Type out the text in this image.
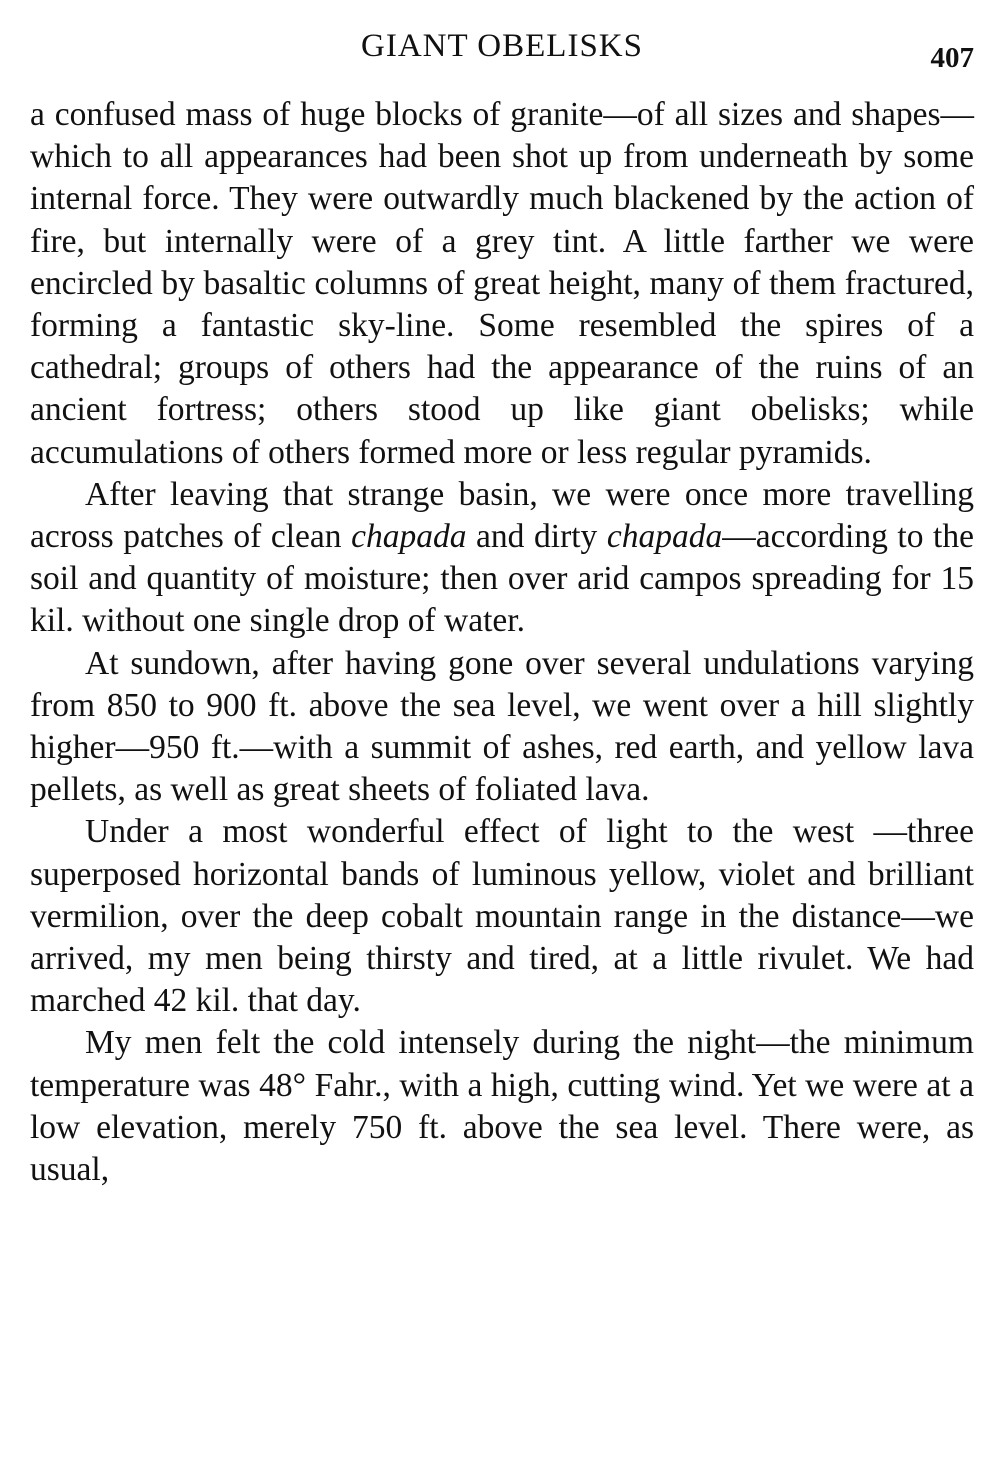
GIANT OBELISKS	407

a confused mass of huge blocks of granite—of all sizes and shapes—which to all appearances had been shot up from underneath by some internal force. They were outwardly much blackened by the action of fire, but internally were of a grey tint. A little farther we were encircled by basaltic columns of great height, many of them fractured, forming a fantastic sky-line. Some resembled the spires of a cathedral; groups of others had the appearance of the ruins of an ancient fortress; others stood up like giant obelisks; while accumulations of others formed more or less regular pyramids.

After leaving that strange basin, we were once more travelling across patches of clean chapada and dirty chapada—according to the soil and quantity of moisture; then over arid campos spreading for 15 kil. without one single drop of water.

At sundown, after having gone over several undulations varying from 850 to 900 ft. above the sea level, we went over a hill slightly higher—950 ft.—with a summit of ashes, red earth, and yellow lava pellets, as well as great sheets of foliated lava.

Under a most wonderful effect of light to the west —three superposed horizontal bands of luminous yellow, violet and brilliant vermilion, over the deep cobalt mountain range in the distance—we arrived, my men being thirsty and tired, at a little rivulet. We had marched 42 kil. that day.

My men felt the cold intensely during the night—the minimum temperature was 48° Fahr., with a high, cutting wind. Yet we were at a low elevation, merely 750 ft. above the sea level. There were, as usual,
